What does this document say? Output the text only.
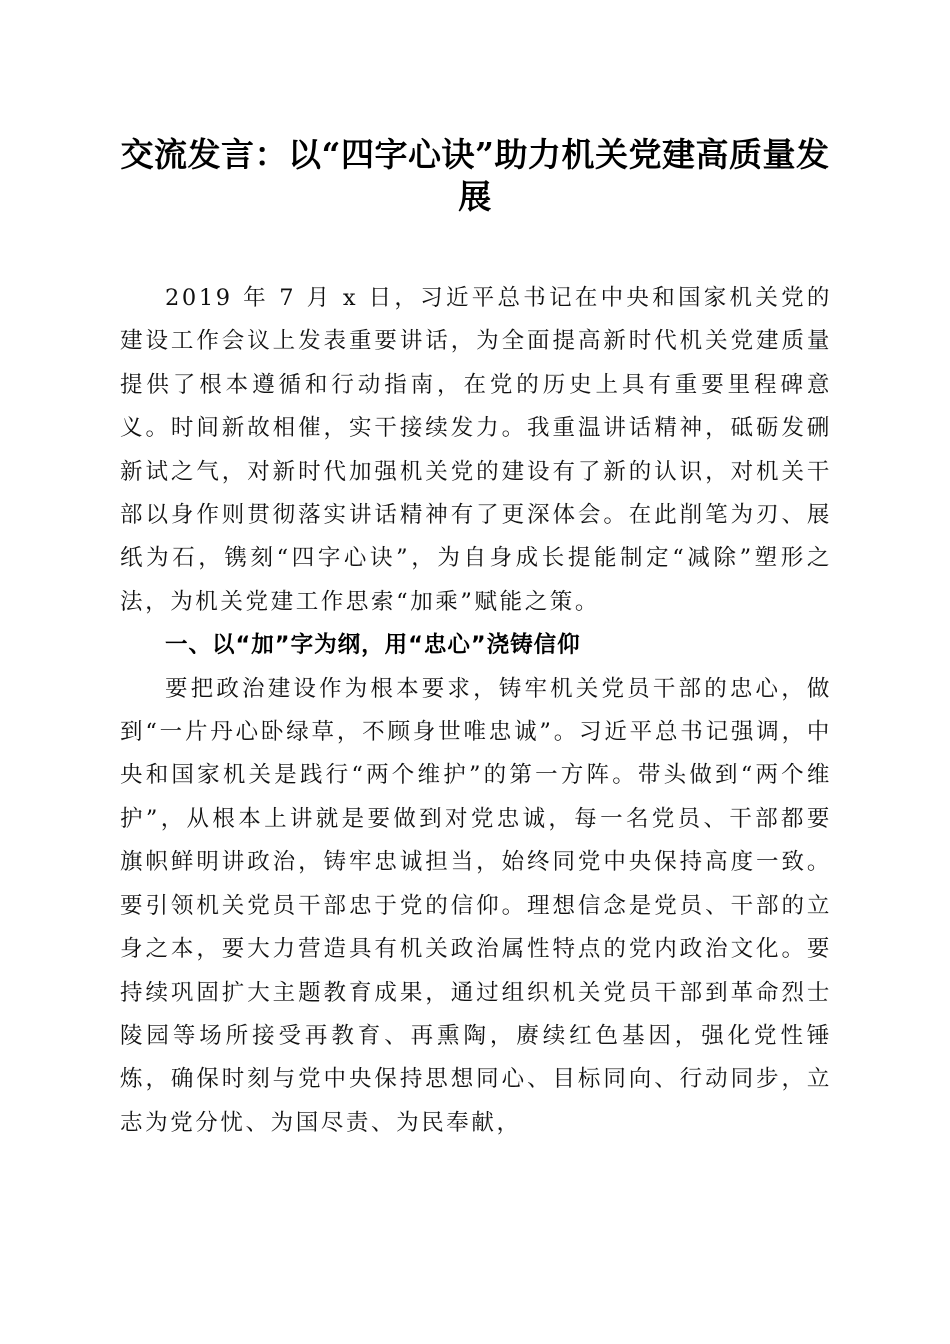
交流发言：以“四字心诀”助力机关党建高质量发展

2019 年 7 月 x 日，习近平总书记在中央和国家机关党的建设工作会议上发表重要讲话，为全面提高新时代机关党建质量提供了根本遵循和行动指南，在党的历史上具有重要里程碑意义。时间新故相催，实干接续发力。我重温讲话精神，砥砺发硎新试之气，对新时代加强机关党的建设有了新的认识，对机关干部以身作则贯彻落实讲话精神有了更深体会。在此削笔为刃、展纸为石，镌刻“四字心诀”，为自身成长提能制定“减除”塑形之法，为机关党建工作思索“加乘”赋能之策。

一、以“加”字为纲，用“忠心”浇铸信仰

要把政治建设作为根本要求，铸牢机关党员干部的忠心，做到“一片丹心卧绿草，不顾身世唯忠诚”。习近平总书记强调，中央和国家机关是践行“两个维护”的第一方阵。带头做到“两个维护”，从根本上讲就是要做到对党忠诚，每一名党员、干部都要旗帜鲜明讲政治，铸牢忠诚担当，始终同党中央保持高度一致。要引领机关党员干部忠于党的信仰。理想信念是党员、干部的立身之本，要大力营造具有机关政治属性特点的党内政治文化。要持续巩固扩大主题教育成果，通过组织机关党员干部到革命烈士陵园等场所接受再教育、再熏陶，赓续红色基因，强化党性锤炼，确保时刻与党中央保持思想同心、目标同向、行动同步，立志为党分忧、为国尽责、为民奉献，
